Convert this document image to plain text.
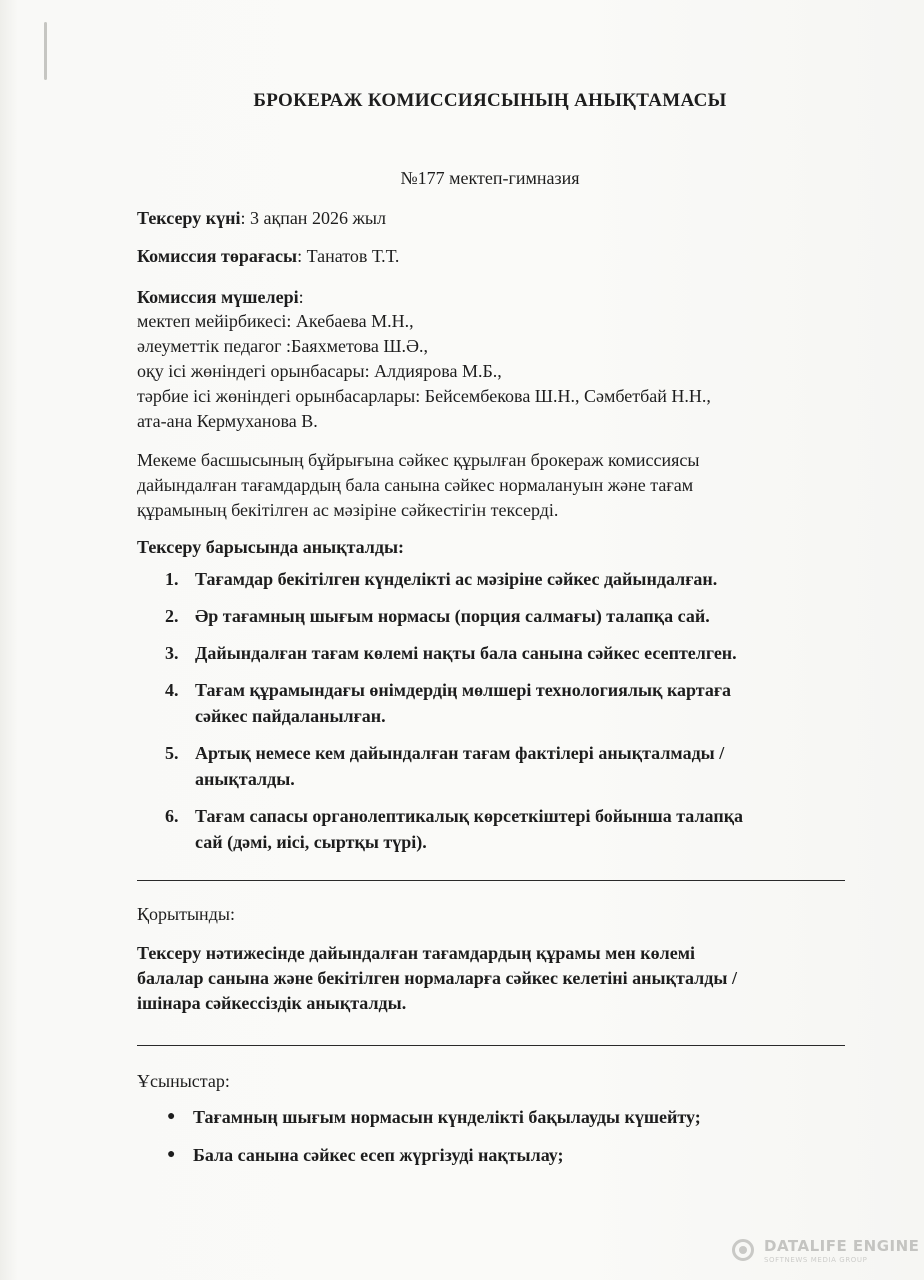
БРОКЕРАЖ КОМИССИЯСЫНЫҢ АНЫҚТАМАСЫ
№177 мектеп-гимназия
Тексеру күні: 3 ақпан 2026 жыл
Комиссия төрағасы: Танатов Т.Т.
Комиссия мүшелері:
мектеп мейірбикесі: Акебаева М.Н.,
әлеуметтік педагог :Баяхметова Ш.Ә.,
оқу ісі жөніндегі орынбасары: Алдиярова М.Б.,
тәрбие ісі жөніндегі орынбасарлары: Бейсембекова Ш.Н., Сәмбетбай Н.Н.,
ата-ана Кермуханова В.
Мекеме басшысының бұйрығына сәйкес құрылған брокераж комиссиясы
дайындалған тағамдардың бала санына сәйкес нормалануын және тағам
құрамының бекітілген ас мәзіріне сәйкестігін тексерді.
Тексеру барысында анықталды:
1. Тағамдар бекітілген күнделікті ас мәзіріне сәйкес дайындалған.
2. Әр тағамның шығым нормасы (порция салмағы) талапқа сай.
3. Дайындалған тағам көлемі нақты бала санына сәйкес есептелген.
4. Тағам құрамындағы өнімдердің мөлшері технологиялық картаға
сәйкес пайдаланылған.
5. Артық немесе кем дайындалған тағам фактілері анықталмады /
анықталды.
6. Тағам сапасы органолептикалық көрсеткіштері бойынша талапқа
сай (дәмі, иісі, сыртқы түрі).
Қорытынды:
Тексеру нәтижесінде дайындалған тағамдардың құрамы мен көлемі
балалар санына және бекітілген нормаларға сәйкес келетіні анықталды /
ішінара сәйкессіздік анықталды.
Ұсыныстар:
● Тағамның шығым нормасын күнделікті бақылауды күшейту;
● Бала санына сәйкес есеп жүргізуді нақтылау;
DATALIFE ENGINE
SOFTNEWS MEDIA GROUP
